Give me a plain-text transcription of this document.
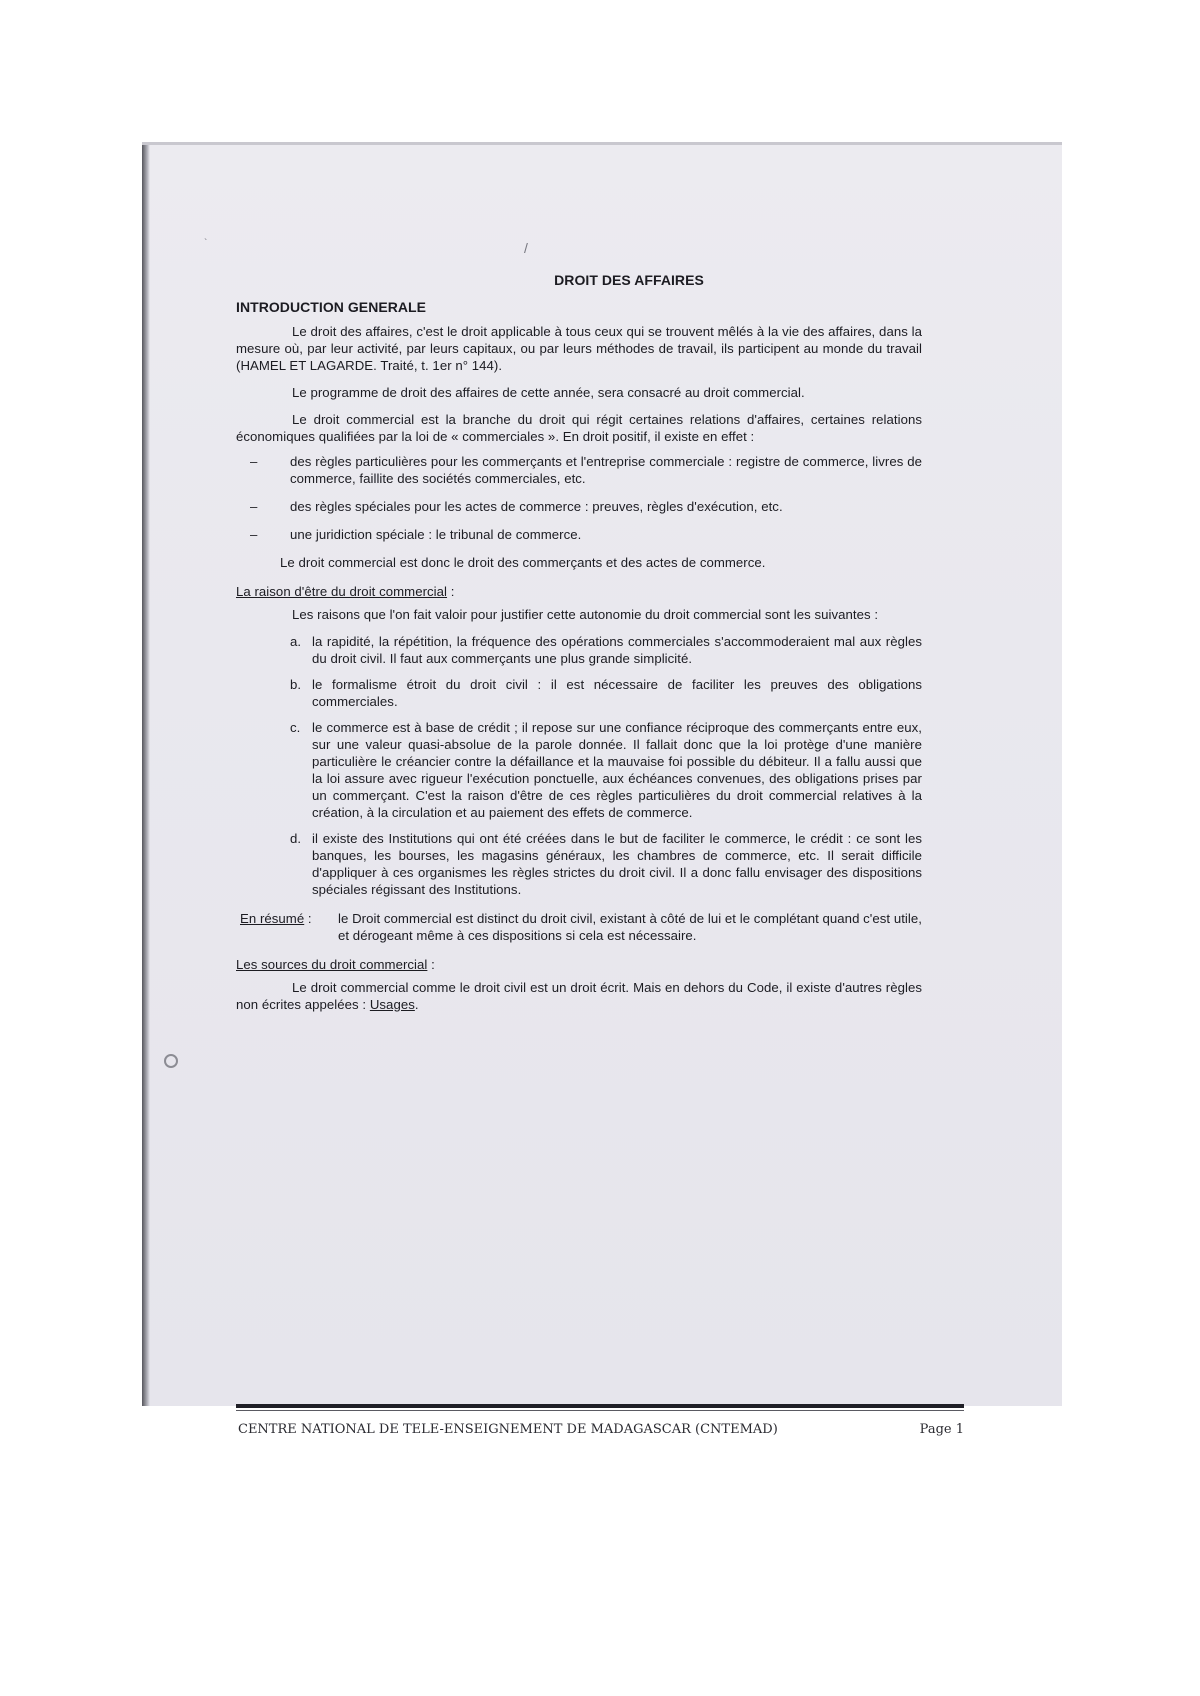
/
`
DROIT DES AFFAIRES
INTRODUCTION GENERALE

Le droit des affaires, c'est le droit applicable à tous ceux qui se trouvent mêlés à la vie des affaires, dans la mesure où, par leur activité, par leurs capitaux, ou par leurs méthodes de travail, ils participent au monde du travail (HAMEL ET LAGARDE. Traité, t. 1er n° 144).

Le programme de droit des affaires de cette année, sera consacré au droit commercial.

Le droit commercial est la branche du droit qui régit certaines relations d'affaires, certaines relations économiques qualifiées par la loi de « commerciales ». En droit positif, il existe en effet :

–	des règles particulières pour les commerçants et l'entreprise commerciale : registre de commerce, livres de commerce, faillite des sociétés commerciales, etc.
–	des règles spéciales pour les actes de commerce : preuves, règles d'exécution, etc.
–	une juridiction spéciale : le tribunal de commerce.

Le droit commercial est donc le droit des commerçants et des actes de commerce.

La raison d'être du droit commercial :

Les raisons que l'on fait valoir pour justifier cette autonomie du droit commercial sont les suivantes :

a. la rapidité, la répétition, la fréquence des opérations commerciales s'accommoderaient mal aux règles du droit civil. Il faut aux commerçants une plus grande simplicité.
b. le formalisme étroit du droit civil : il est nécessaire de faciliter les preuves des obligations commerciales.
c. le commerce est à base de crédit ; il repose sur une confiance réciproque des commerçants entre eux, sur une valeur quasi-absolue de la parole donnée. Il fallait donc que la loi protège d'une manière particulière le créancier contre la défaillance et la mauvaise foi possible du débiteur. Il a fallu aussi que la loi assure avec rigueur l'exécution ponctuelle, aux échéances convenues, des obligations prises par un commerçant. C'est la raison d'être de ces règles particulières du droit commercial relatives à la création, à la circulation et au paiement des effets de commerce.
d. il existe des Institutions qui ont été créées dans le but de faciliter le commerce, le crédit : ce sont les banques, les bourses, les magasins généraux, les chambres de commerce, etc. Il serait difficile d'appliquer à ces organismes les règles strictes du droit civil. Il a donc fallu envisager des dispositions spéciales régissant des Institutions.
En résumé :	le Droit commercial est distinct du droit civil, existant à côté de lui et le complétant quand c'est utile, et dérogeant même à ces dispositions si cela est nécessaire.
Les sources du droit commercial :

Le droit commercial comme le droit civil est un droit écrit. Mais en dehors du Code, il existe d'autres règles non écrites appelées : Usages.

CENTRE NATIONAL DE TELE-ENSEIGNEMENT DE MADAGASCAR (CNTEMAD)	Page 1
